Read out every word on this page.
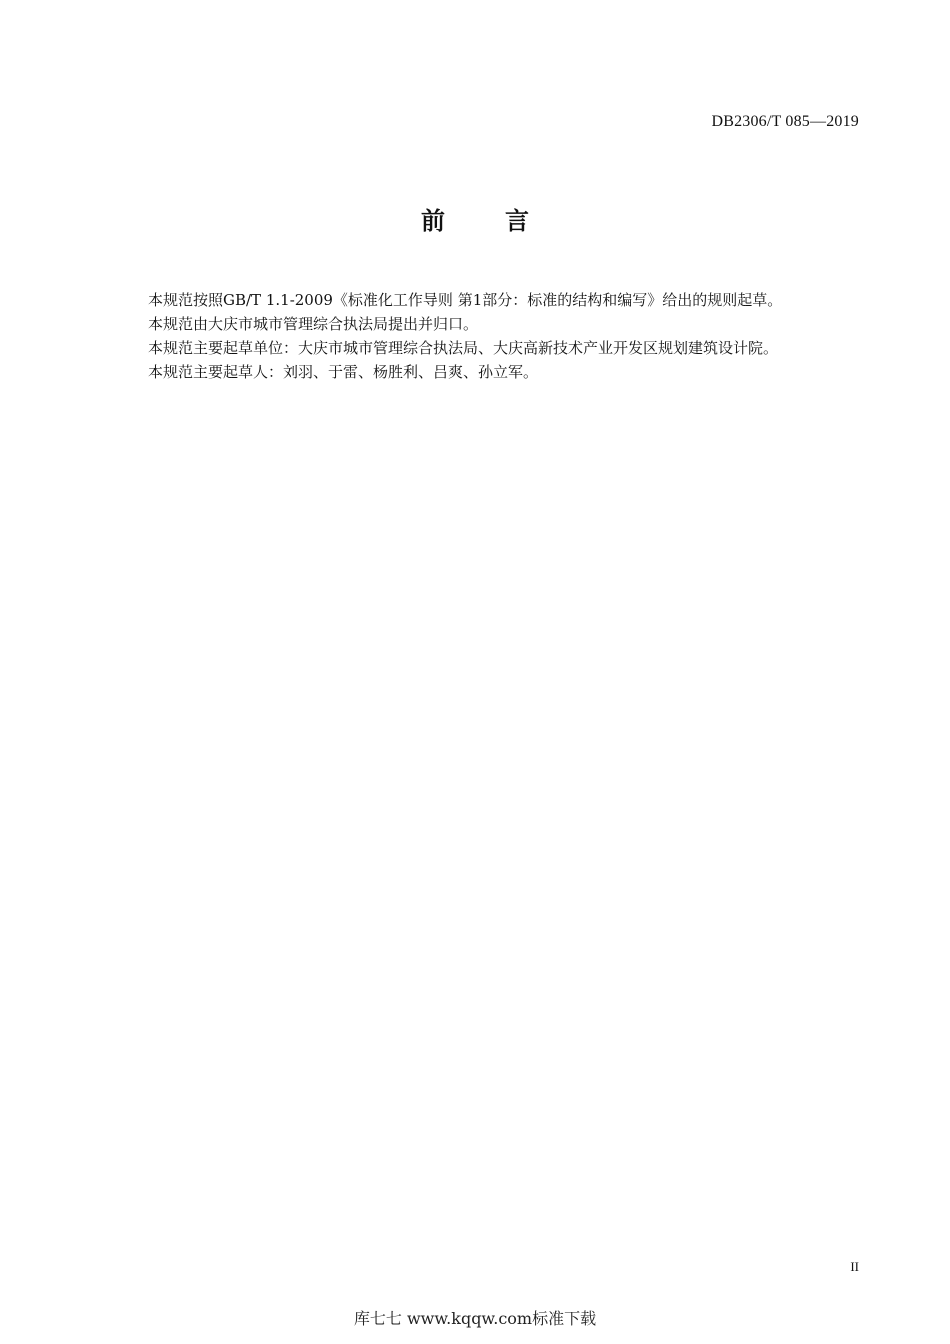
DB2306/T 085—2019
前	言
本规范按照GB/T 1.1-2009《标准化工作导则 第1部分：标准的结构和编写》给出的规则起草。
本规范由大庆市城市管理综合执法局提出并归口。
本规范主要起草单位：大庆市城市管理综合执法局、大庆高新技术产业开发区规划建筑设计院。
本规范主要起草人：刘羽、于雷、杨胜利、吕爽、孙立军。
II
库七七 www.kqqw.com标准下载
